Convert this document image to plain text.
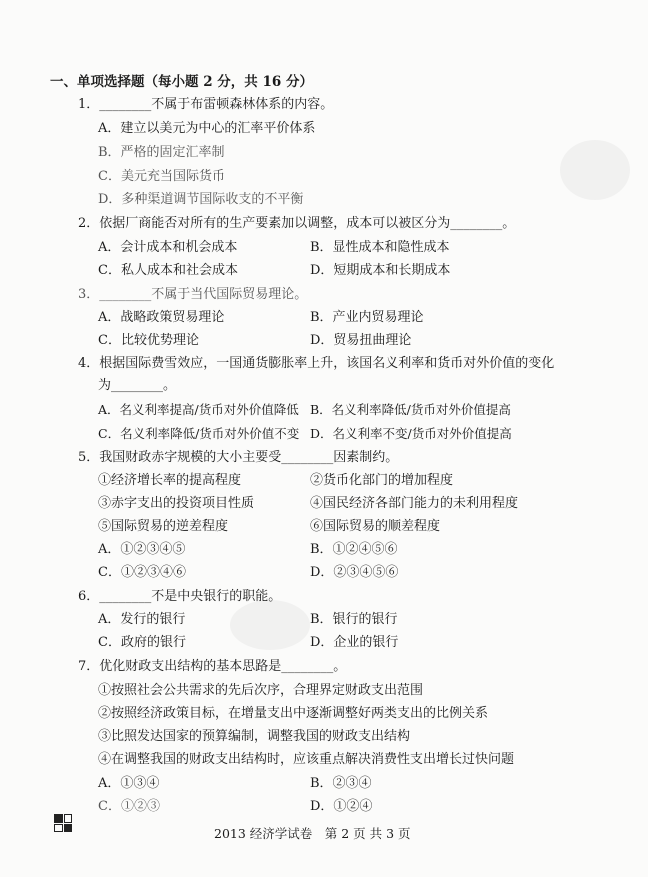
一、单项选择题（每小题 2 分，共 16 分）
1．________不属于布雷顿森林体系的内容。
A．建立以美元为中心的汇率平价体系
B．严格的固定汇率制
C．美元充当国际货币
D．多种渠道调节国际收支的不平衡
2．依据厂商能否对所有的生产要素加以调整，成本可以被区分为________。
A．会计成本和机会成本	B．显性成本和隐性成本
C．私人成本和社会成本	D．短期成本和长期成本
3．________不属于当代国际贸易理论。
A．战略政策贸易理论	B．产业内贸易理论
C．比较优势理论	D．贸易扭曲理论
4．根据国际费雪效应，一国通货膨胀率上升，该国名义利率和货币对外价值的变化
为________。
A．名义利率提高/货币对外价值降低 B．名义利率降低/货币对外价值提高
C．名义利率降低/货币对外价值不变 D．名义利率不变/货币对外价值提高
5．我国财政赤字规模的大小主要受________因素制约。
①经济增长率的提高程度	②货币化部门的增加程度
③赤字支出的投资项目性质	④国民经济各部门能力的未利用程度
⑤国际贸易的逆差程度	⑥国际贸易的顺差程度
A．①②③④⑤	B．①②④⑤⑥
C．①②③④⑥	D．②③④⑤⑥
6．________不是中央银行的职能。
A．发行的银行	B．银行的银行
C．政府的银行	D．企业的银行
7．优化财政支出结构的基本思路是________。
①按照社会公共需求的先后次序，合理界定财政支出范围
②按照经济政策目标，在增量支出中逐渐调整好两类支出的比例关系
③比照发达国家的预算编制，调整我国的财政支出结构
④在调整我国的财政支出结构时，应该重点解决消费性支出增长过快问题
A．①③④	B．②③④
C．①②③	D．①②④
2013 经济学试卷　第 2 页 共 3 页
